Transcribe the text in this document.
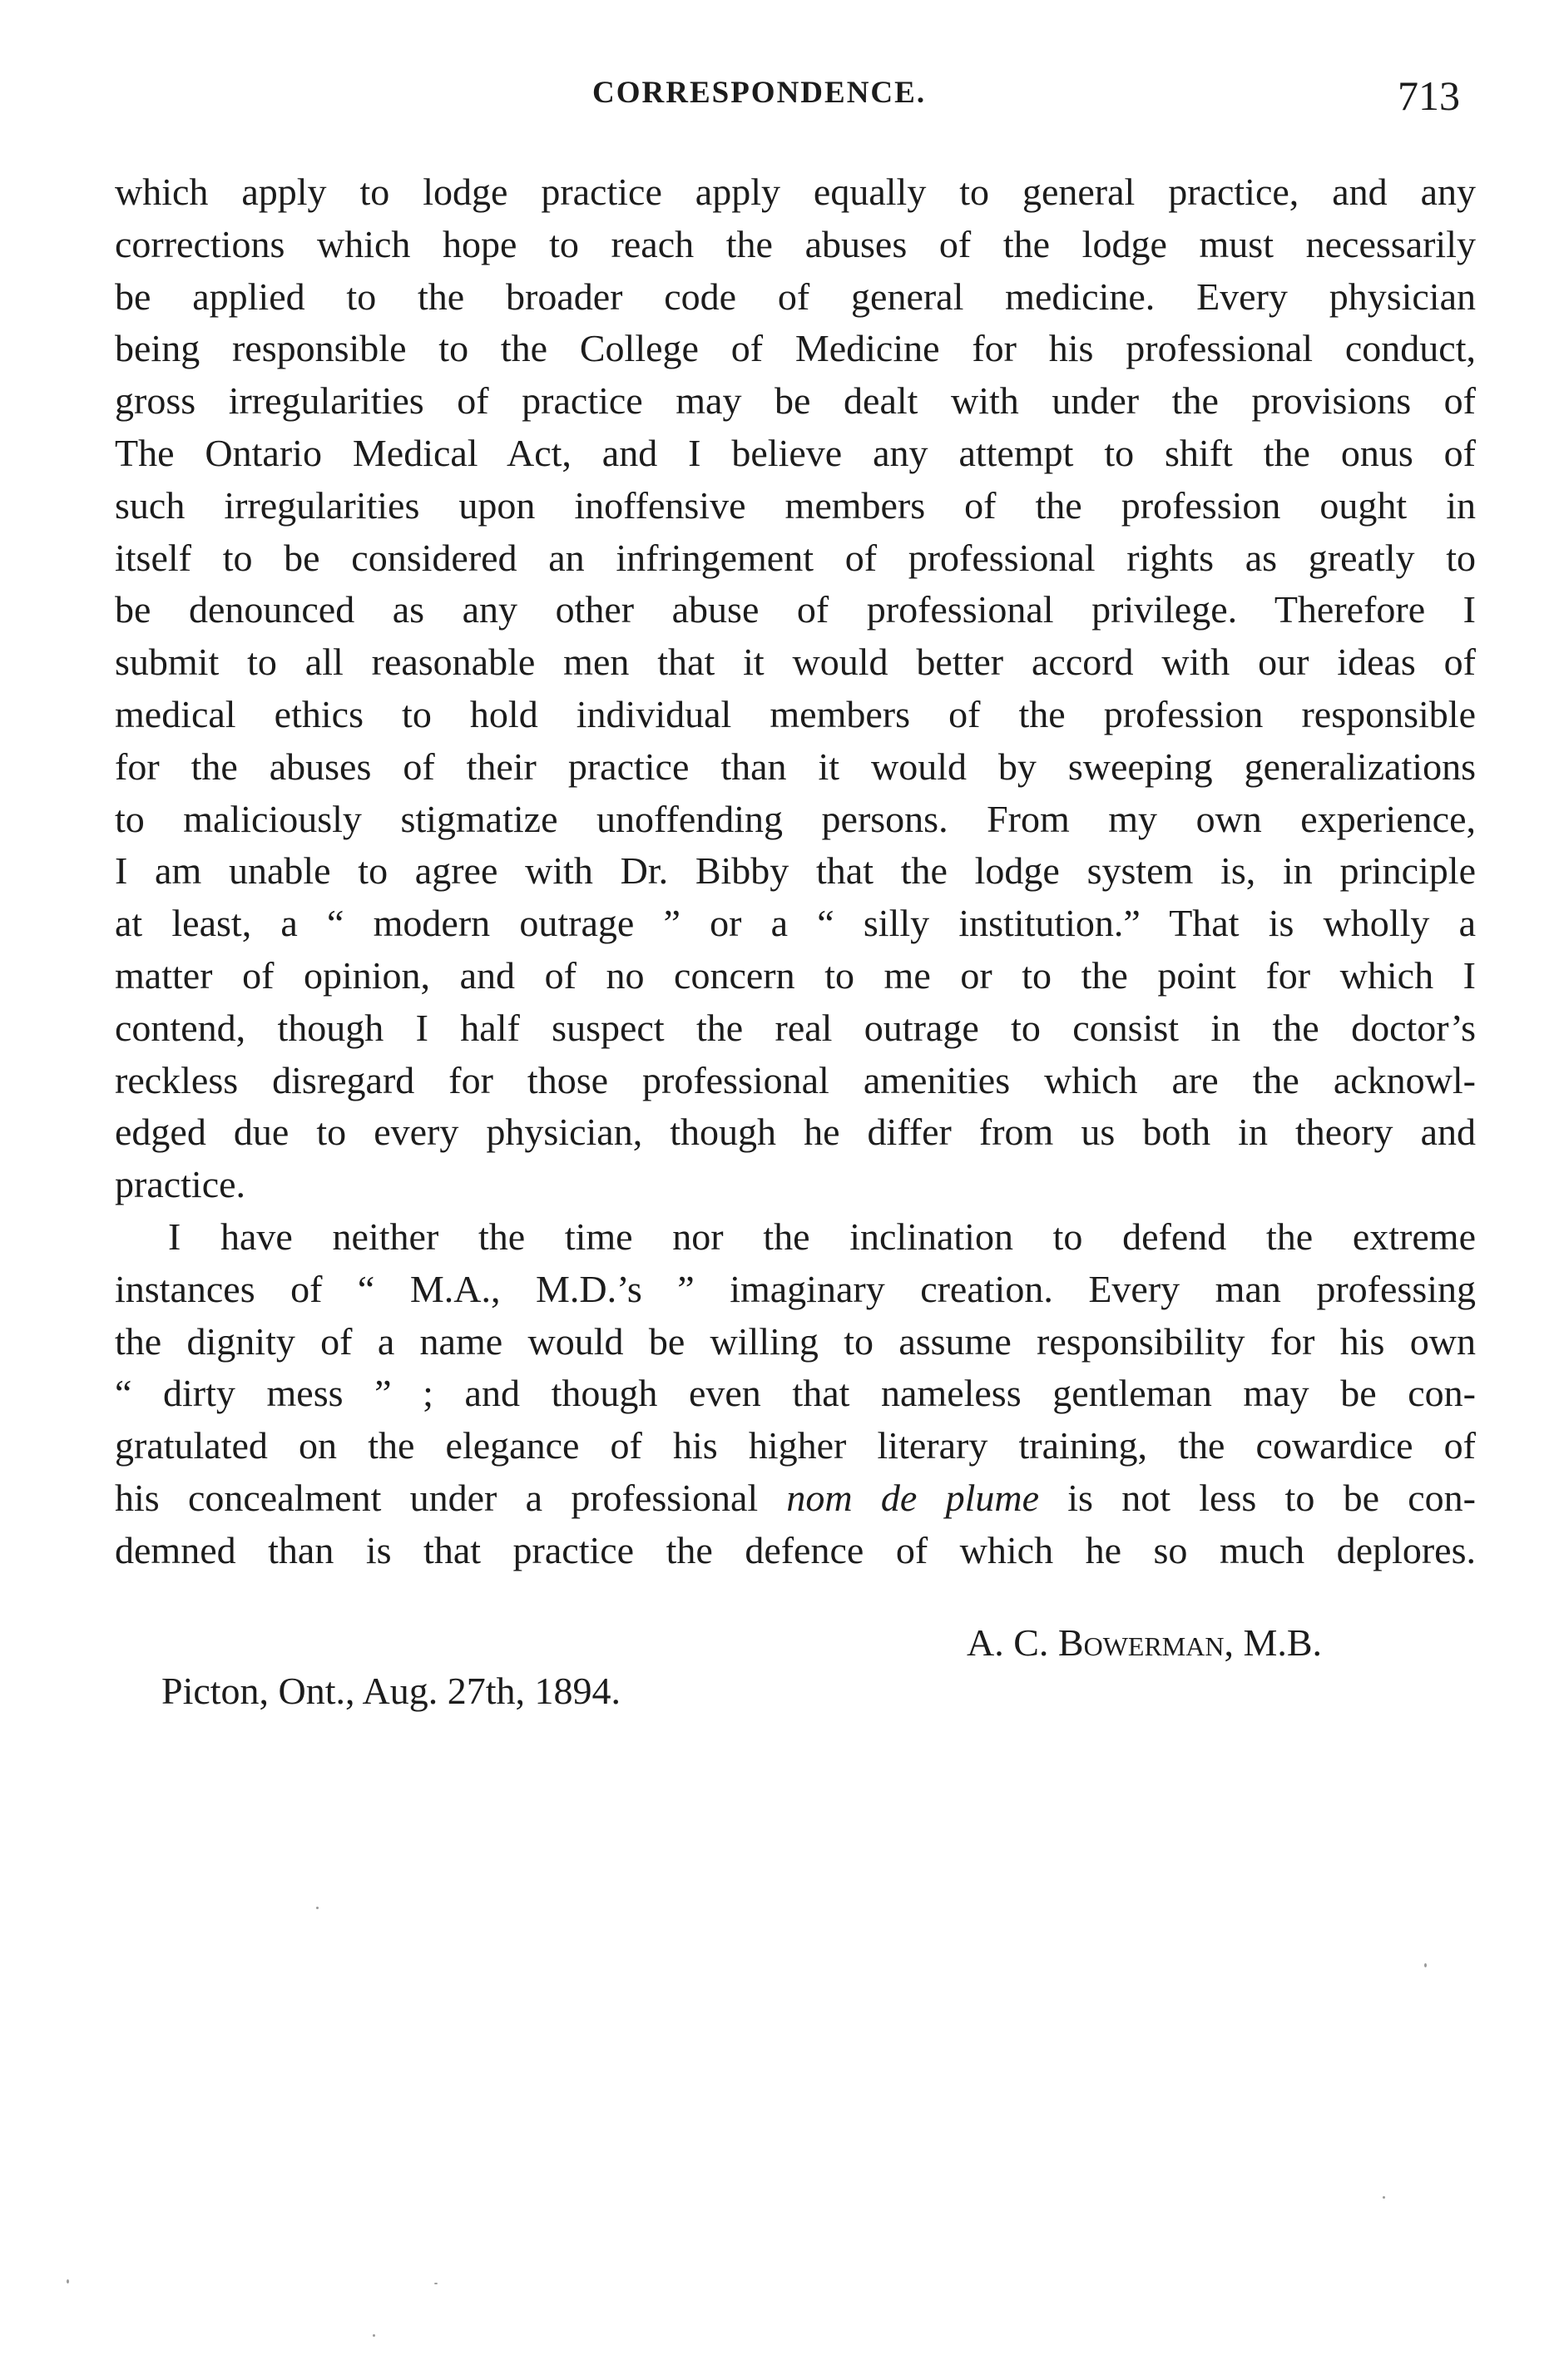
CORRESPONDENCE.	713
which apply to lodge practice apply equally to general practice, and any
corrections which hope to reach the abuses of the lodge must necessarily
be applied to the broader code of general medicine. Every physician
being responsible to the College of Medicine for his professional conduct,
gross irregularities of practice may be dealt with under the provisions of
The Ontario Medical Act, and I believe any attempt to shift the onus of
such irregularities upon inoffensive members of the profession ought in
itself to be considered an infringement of professional rights as greatly to
be denounced as any other abuse of professional privilege. Therefore I
submit to all reasonable men that it would better accord with our ideas of
medical ethics to hold individual members of the profession responsible
for the abuses of their practice than it would by sweeping generalizations
to maliciously stigmatize unoffending persons. From my own experience,
I am unable to agree with Dr. Bibby that the lodge system is, in principle
at least, a “ modern outrage ” or a “ silly institution.” That is wholly a
matter of opinion, and of no concern to me or to the point for which I
contend, though I half suspect the real outrage to consist in the doctor’s
reckless disregard for those professional amenities which are the acknowl-
edged due to every physician, though he differ from us both in theory and
practice.
I have neither the time nor the inclination to defend the extreme
instances of “ M.A., M.D.’s ” imaginary creation. Every man professing
the dignity of a name would be willing to assume responsibility for his own
“ dirty mess ” ; and though even that nameless gentleman may be con-
gratulated on the elegance of his higher literary training, the cowardice of
his concealment under a professional nom de plume is not less to be con-
demned than is that practice the defence of which he so much deplores.
A. C. Bowerman, M.B.
Picton, Ont., Aug. 27th, 1894.
